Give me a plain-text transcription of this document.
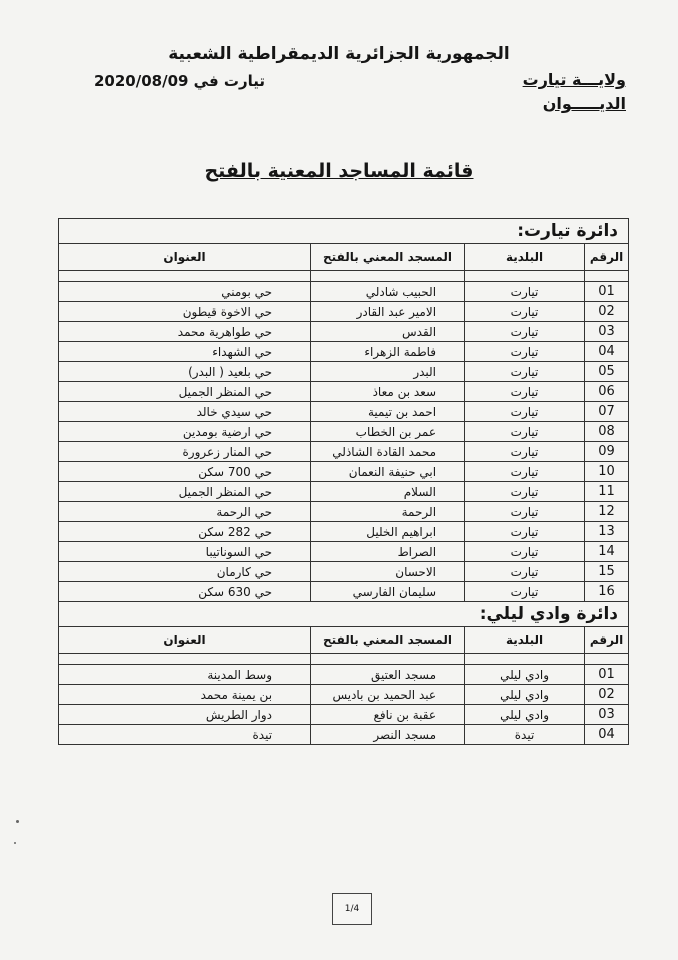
الجمهورية الجزائرية الديمقراطية الشعبية
ولايـــة تيارت
الديـــــوان
تيارت في 2020/08/09
قائمة المساجد المعنية بالفتح
دائرة تيارت:			
الرقم	البلدية	المسجد المعني بالفتح	العنوان

01	تيارت	الحبيب شادلي	حي بومني
02	تيارت	الامير عبد القادر	حي الاخوة قيطون
03	تيارت	القدس	حي طواهرية محمد
04	تيارت	فاطمة الزهراء	حي الشهداء
05	تيارت	البدر	حي بلعيد ( البدر)
06	تيارت	سعد بن معاذ	حي المنظر الجميل
07	تيارت	احمد بن تيمية	حي سيدي خالد
08	تيارت	عمر بن الخطاب	حي ارضية بومدين
09	تيارت	محمد القادة الشاذلي	حي المنار زعرورة
10	تيارت	ابي حنيفة النعمان	حي 700 سكن
11	تيارت	السلام	حي المنظر الجميل
12	تيارت	الرحمة	حي الرحمة
13	تيارت	ابراهيم الخليل	حي 282 سكن
14	تيارت	الصراط	حي السوناتيبا
15	تيارت	الاحسان	حي كارمان
16	تيارت	سليمان الفارسي	حي 630 سكن
دائرة وادي ليلي:			
الرقم	البلدية	المسجد المعني بالفتح	العنوان

01	وادي ليلي	مسجد العتيق	وسط المدينة
02	وادي ليلي	عبد الحميد بن باديس	بن يمينة محمد
03	وادي ليلي	عقبة بن نافع	دوار الطريش
04	تيدة	مسجد النصر	تيدة
1/4
